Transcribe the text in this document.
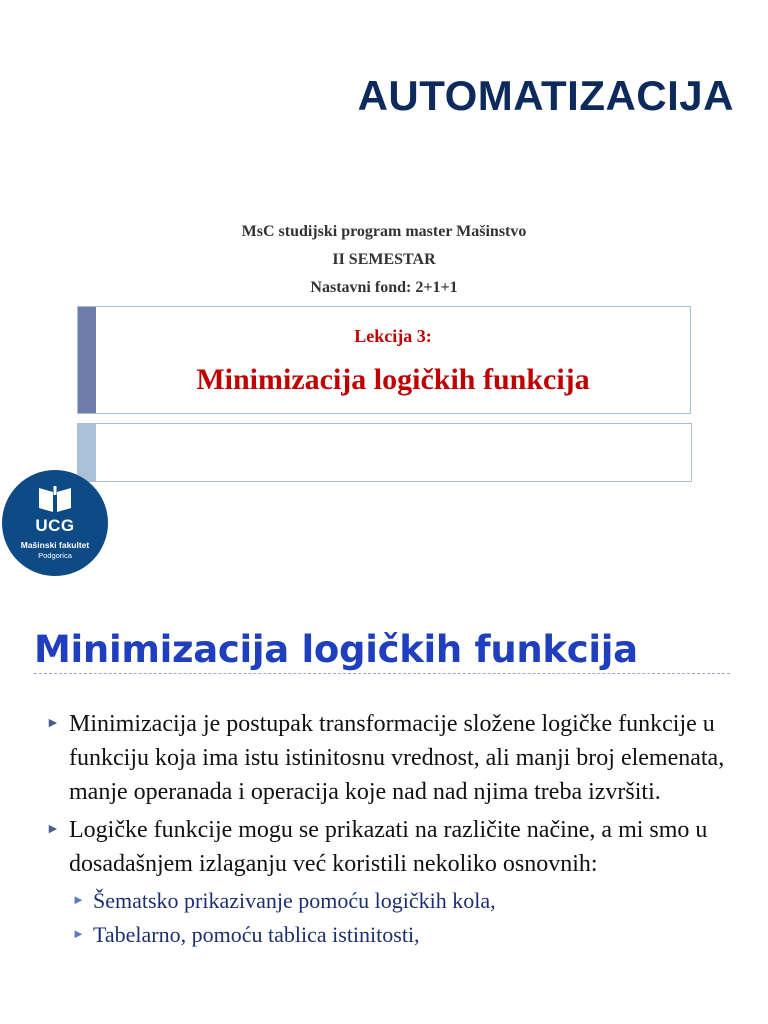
AUTOMATIZACIJA
MsC studijski program master Mašinstvo
II SEMESTAR
Nastavni fond: 2+1+1
Lekcija 3:
Minimizacija logičkih funkcija
UCG
Mašinski fakultet
Podgorica
Minimizacija logičkih funkcija
► Minimizacija je postupak transformacije složene logičke funkcije u funkciju koja ima istu istinitosnu vrednost, ali manji broj elemenata, manje operanada i operacija koje nad nad njima treba izvršiti.
► Logičke funkcije mogu se prikazati na različite načine, a mi smo u dosadašnjem izlaganju već koristili nekoliko osnovnih:
► Šematsko prikazivanje pomoću logičkih kola,
► Tabelarno, pomoću tablica istinitosti,
